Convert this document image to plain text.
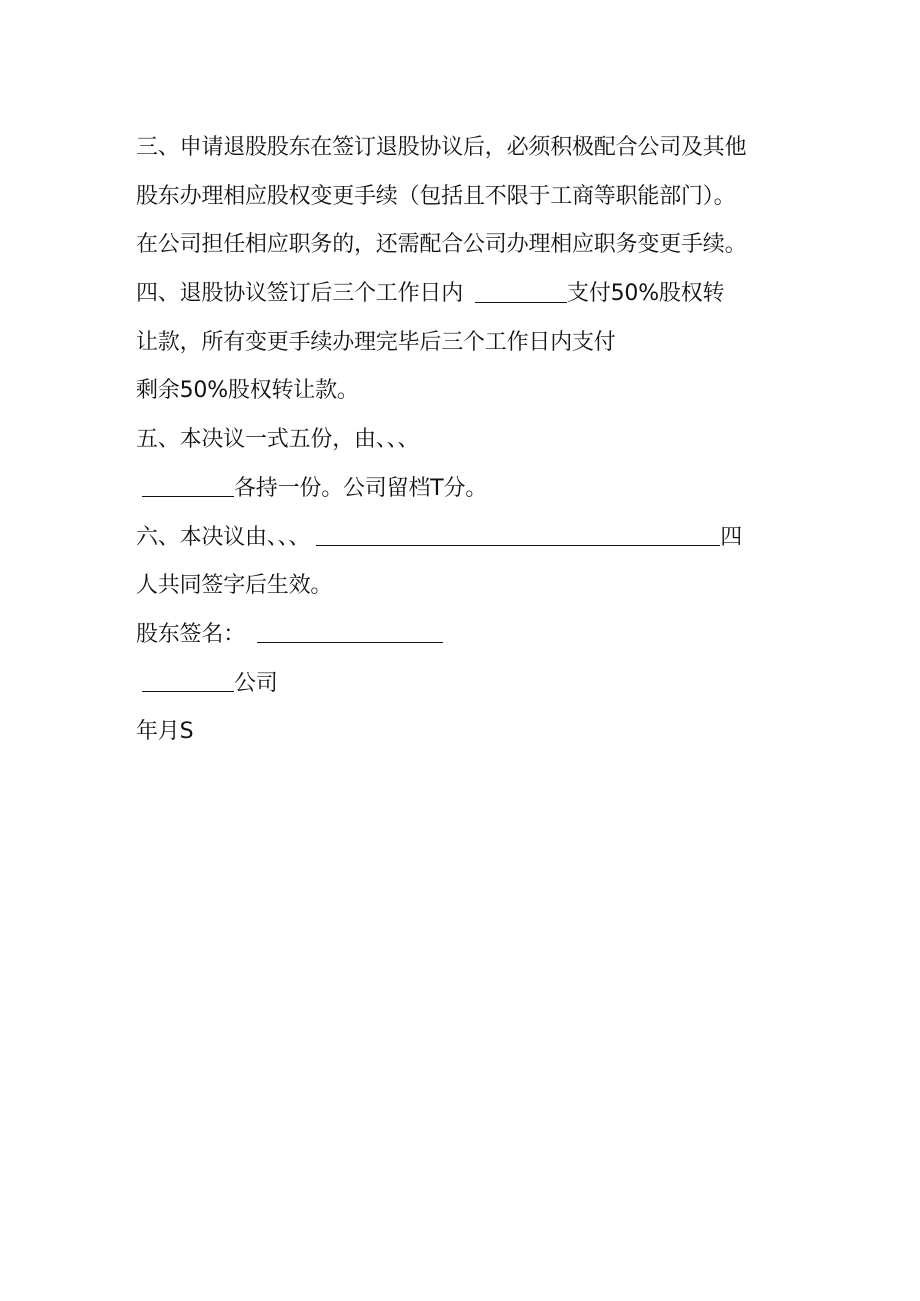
三、申请退股股东在签订退股协议后，必须积极配合公司及其他
股东办理相应股权变更手续（包括且不限于工商等职能部门）。
在公司担任相应职务的，还需配合公司办理相应职务变更手续。
四、退股协议签订后三个工作日内	支付50%股权转
让款，所有变更手续办理完毕后三个工作日内支付
剩余50%股权转让款。
五、本决议一式五份，由、、、
各持一份。公司留档T分。
六、本决议由、、、	四
人共同签字后生效。
股东签名：
公司
年月S
